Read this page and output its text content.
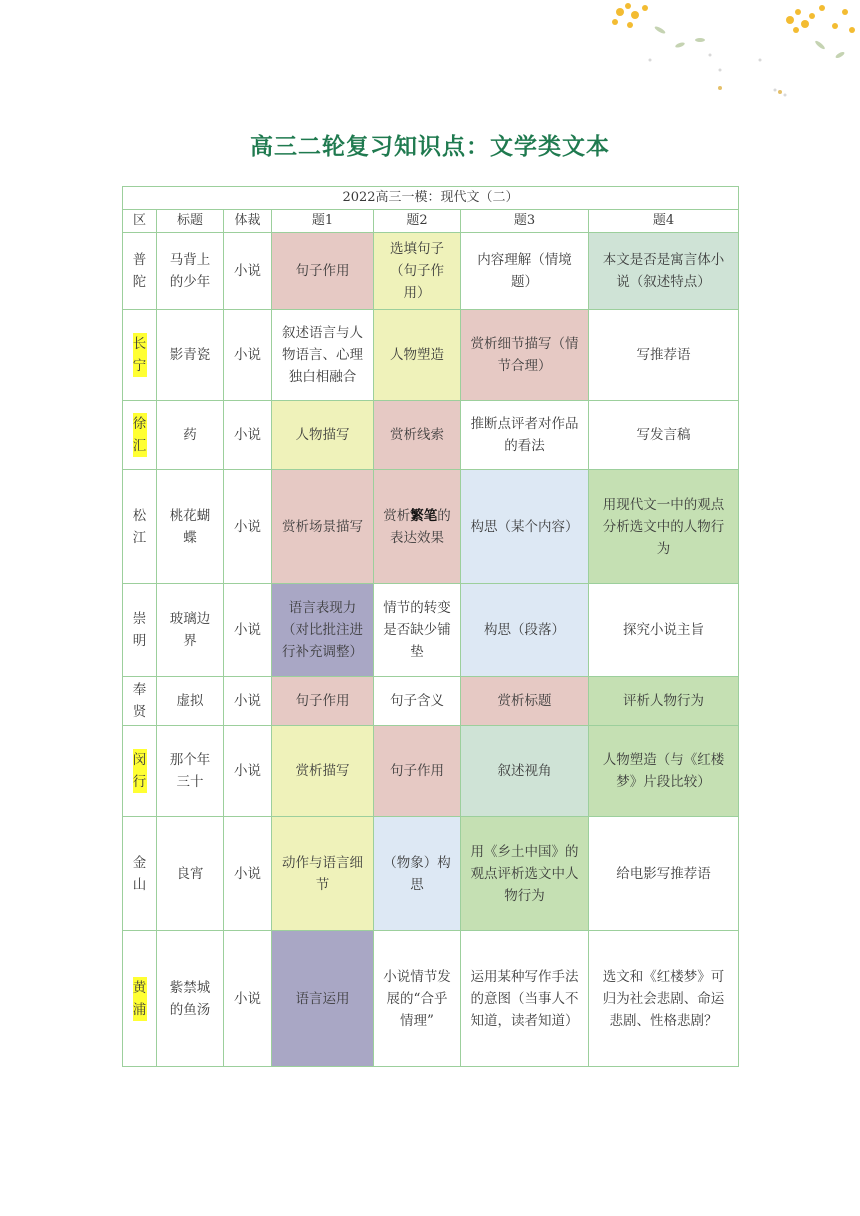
高三二轮复习知识点：文学类文本
2022高三一模：现代文（二）						
区	标题	体裁	题1	题2	题3	题4
普陀	马背上的少年	小说	句子作用	选填句子（句子作用）	内容理解（情境题）	本文是否是寓言体小说（叙述特点）
长宁	影青瓷	小说	叙述语言与人物语言、心理独白相融合	人物塑造	赏析细节描写（情节合理）	写推荐语
徐汇	药	小说	人物描写	赏析线索	推断点评者对作品的看法	写发言稿
松江	桃花蝴蝶	小说	赏析场景描写	赏析繁笔的表达效果	构思（某个内容）	用现代文一中的观点分析选文中的人物行为
崇明	玻璃边界	小说	语言表现力（对比批注进行补充调整）	情节的转变是否缺少铺垫	构思（段落）	探究小说主旨
奉贤	虚拟	小说	句子作用	句子含义	赏析标题	评析人物行为
闵行	那个年三十	小说	赏析描写	句子作用	叙述视角	人物塑造（与《红楼梦》片段比较）
金山	良宵	小说	动作与语言细节	（物象）构思	用《乡土中国》的观点评析选文中人物行为	给电影写推荐语
黄浦	紫禁城的鱼汤	小说	语言运用	小说情节发展的“合乎情理”	运用某种写作手法的意图（当事人不知道，读者知道）	选文和《红楼梦》可归为社会悲剧、命运悲剧、性格悲剧？
